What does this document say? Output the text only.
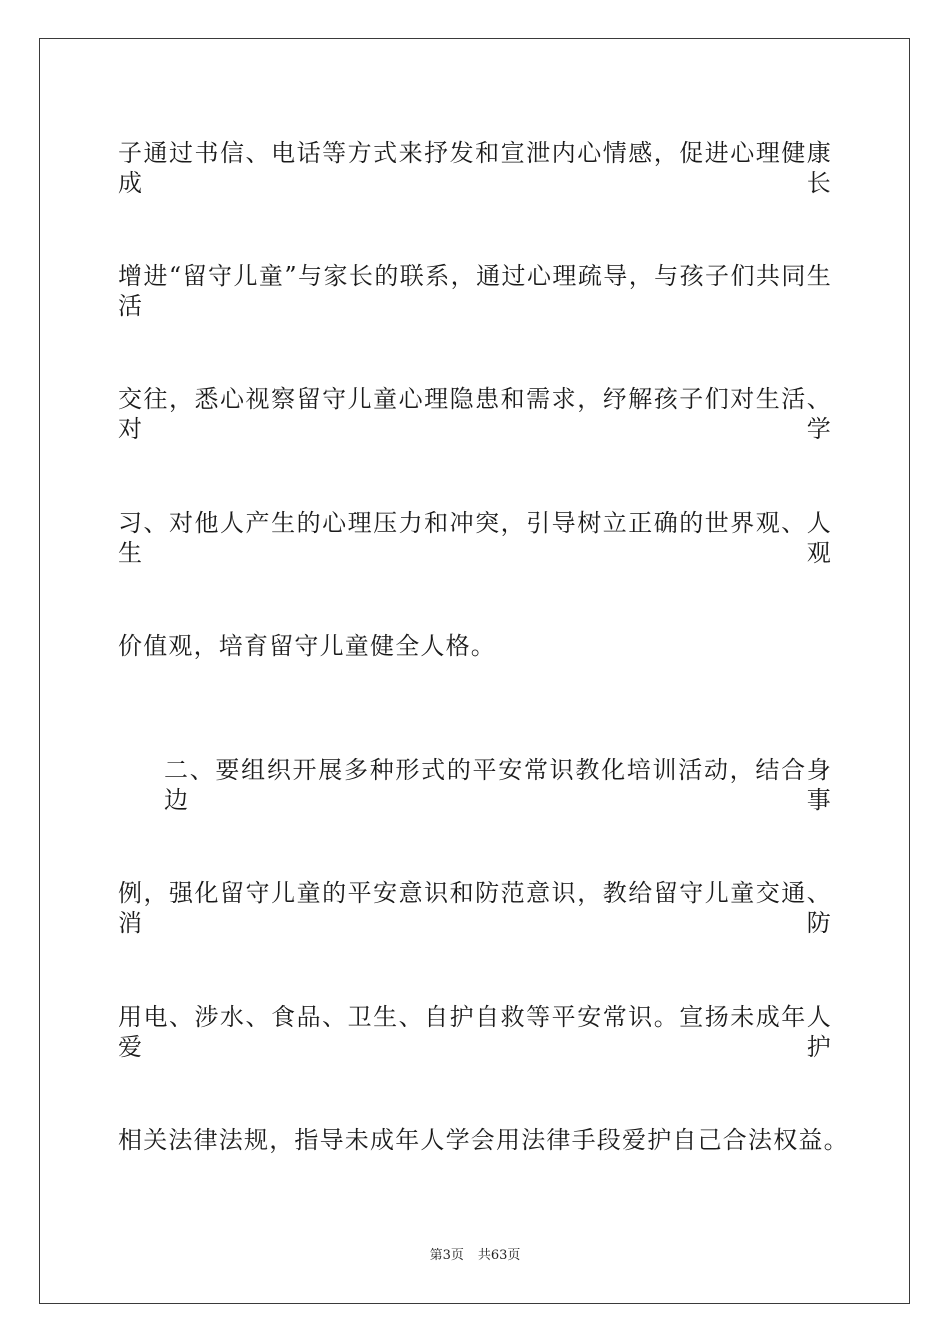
子通过书信、电话等方式来抒发和宣泄内心情感，促进心理健康成长
增进“留守儿童”与家长的联系，通过心理疏导，与孩子们共同生活
交往，悉心视察留守儿童心理隐患和需求，纾解孩子们对生活、对学
习、对他人产生的心理压力和冲突，引导树立正确的世界观、人生观
价值观，培育留守儿童健全人格。
二、要组织开展多种形式的平安常识教化培训活动，结合身边事
例，强化留守儿童的平安意识和防范意识，教给留守儿童交通、消防
用电、涉水、食品、卫生、自护自救等平安常识。宣扬未成年人爱护
相关法律法规，指导未成年人学会用法律手段爱护自己合法权益。
第3页 共63页
